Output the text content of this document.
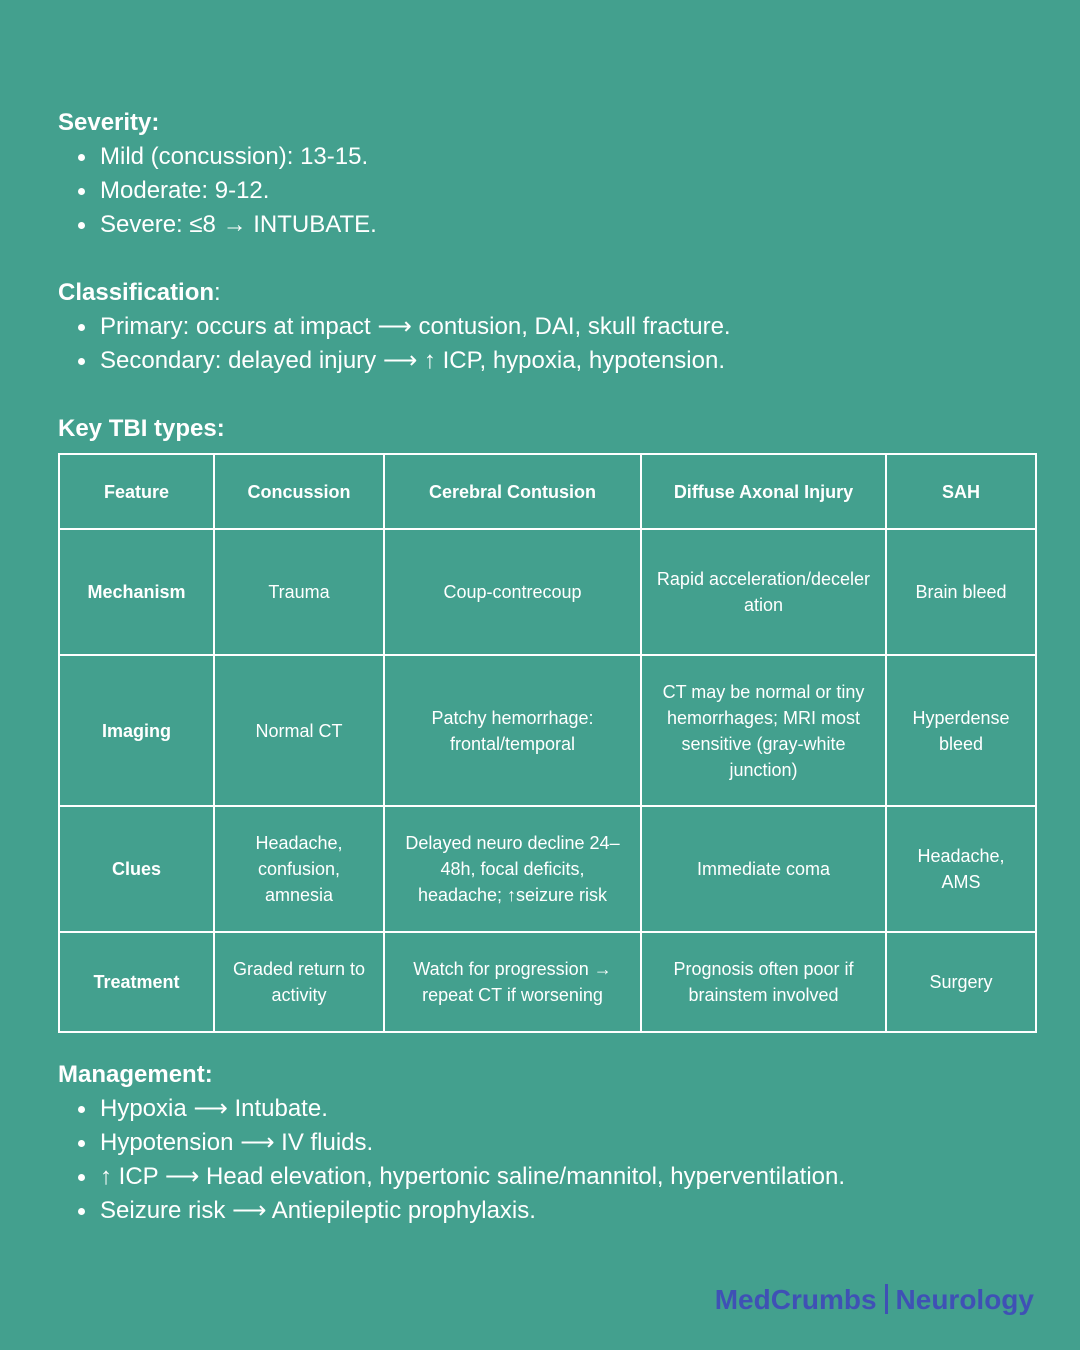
Severity:

Mild (concussion): 13-15.
Moderate: 9-12.
Severe: ≤8 → INTUBATE.

Classification:

Primary: occurs at impact ⟶ contusion, DAI, skull fracture.
Secondary: delayed injury ⟶ ↑ ICP, hypoxia, hypotension.

Key TBI types:

Feature	Concussion	Cerebral Contusion	Diffuse Axonal Injury	SAH
Mechanism	Trauma	Coup-contrecoup	Rapid acceleration/deceleration	Brain bleed
Imaging	Normal CT	Patchy hemorrhage: frontal/temporal	CT may be normal or tiny hemorrhages; MRI most sensitive (gray-white junction)	Hyperdense bleed
Clues	Headache, confusion, amnesia	Delayed neuro decline 24–48h, focal deficits, headache; ↑seizure risk	Immediate coma	Headache, AMS
Treatment	Graded return to activity	Watch for progression → repeat CT if worsening	Prognosis often poor if brainstem involved	Surgery

Management:

Hypoxia ⟶ Intubate.
Hypotension ⟶ IV fluids.
↑ ICP ⟶ Head elevation, hypertonic saline/mannitol, hyperventilation.
Seizure risk ⟶ Antiepileptic prophylaxis.
MedCrumbs Neurology
